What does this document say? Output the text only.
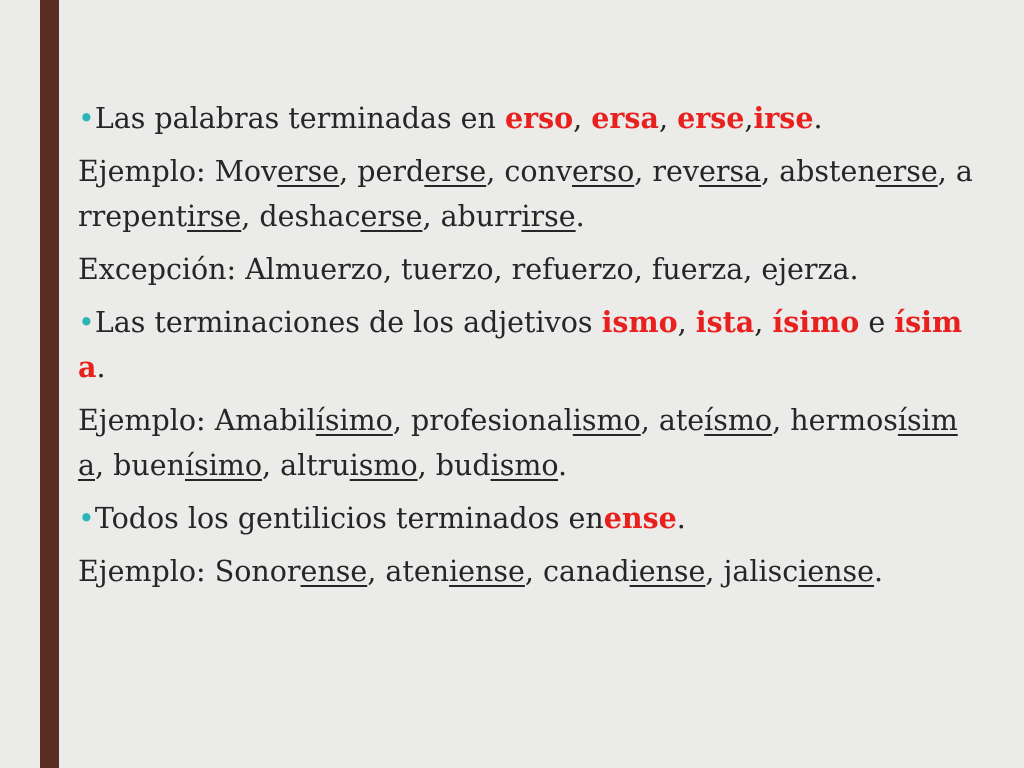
•Las palabras terminadas en erso, ersa, erse,irse.
Ejemplo: Moverse, perderse, converso, reversa, abstenerse, arrepentirse, deshacerse, aburrirse.
Excepción: Almuerzo, tuerzo, refuerzo, fuerza, ejerza.
•Las terminaciones de los adjetivos ismo, ista, ísimo e ísima.
Ejemplo: Amabilísimo, profesionalismo, ateísmo, hermosísima, buenísimo, altruismo, budismo.
•Todos los gentilicios terminados enense.
Ejemplo: Sonorense, ateniense, canadiense, jalisciense.
